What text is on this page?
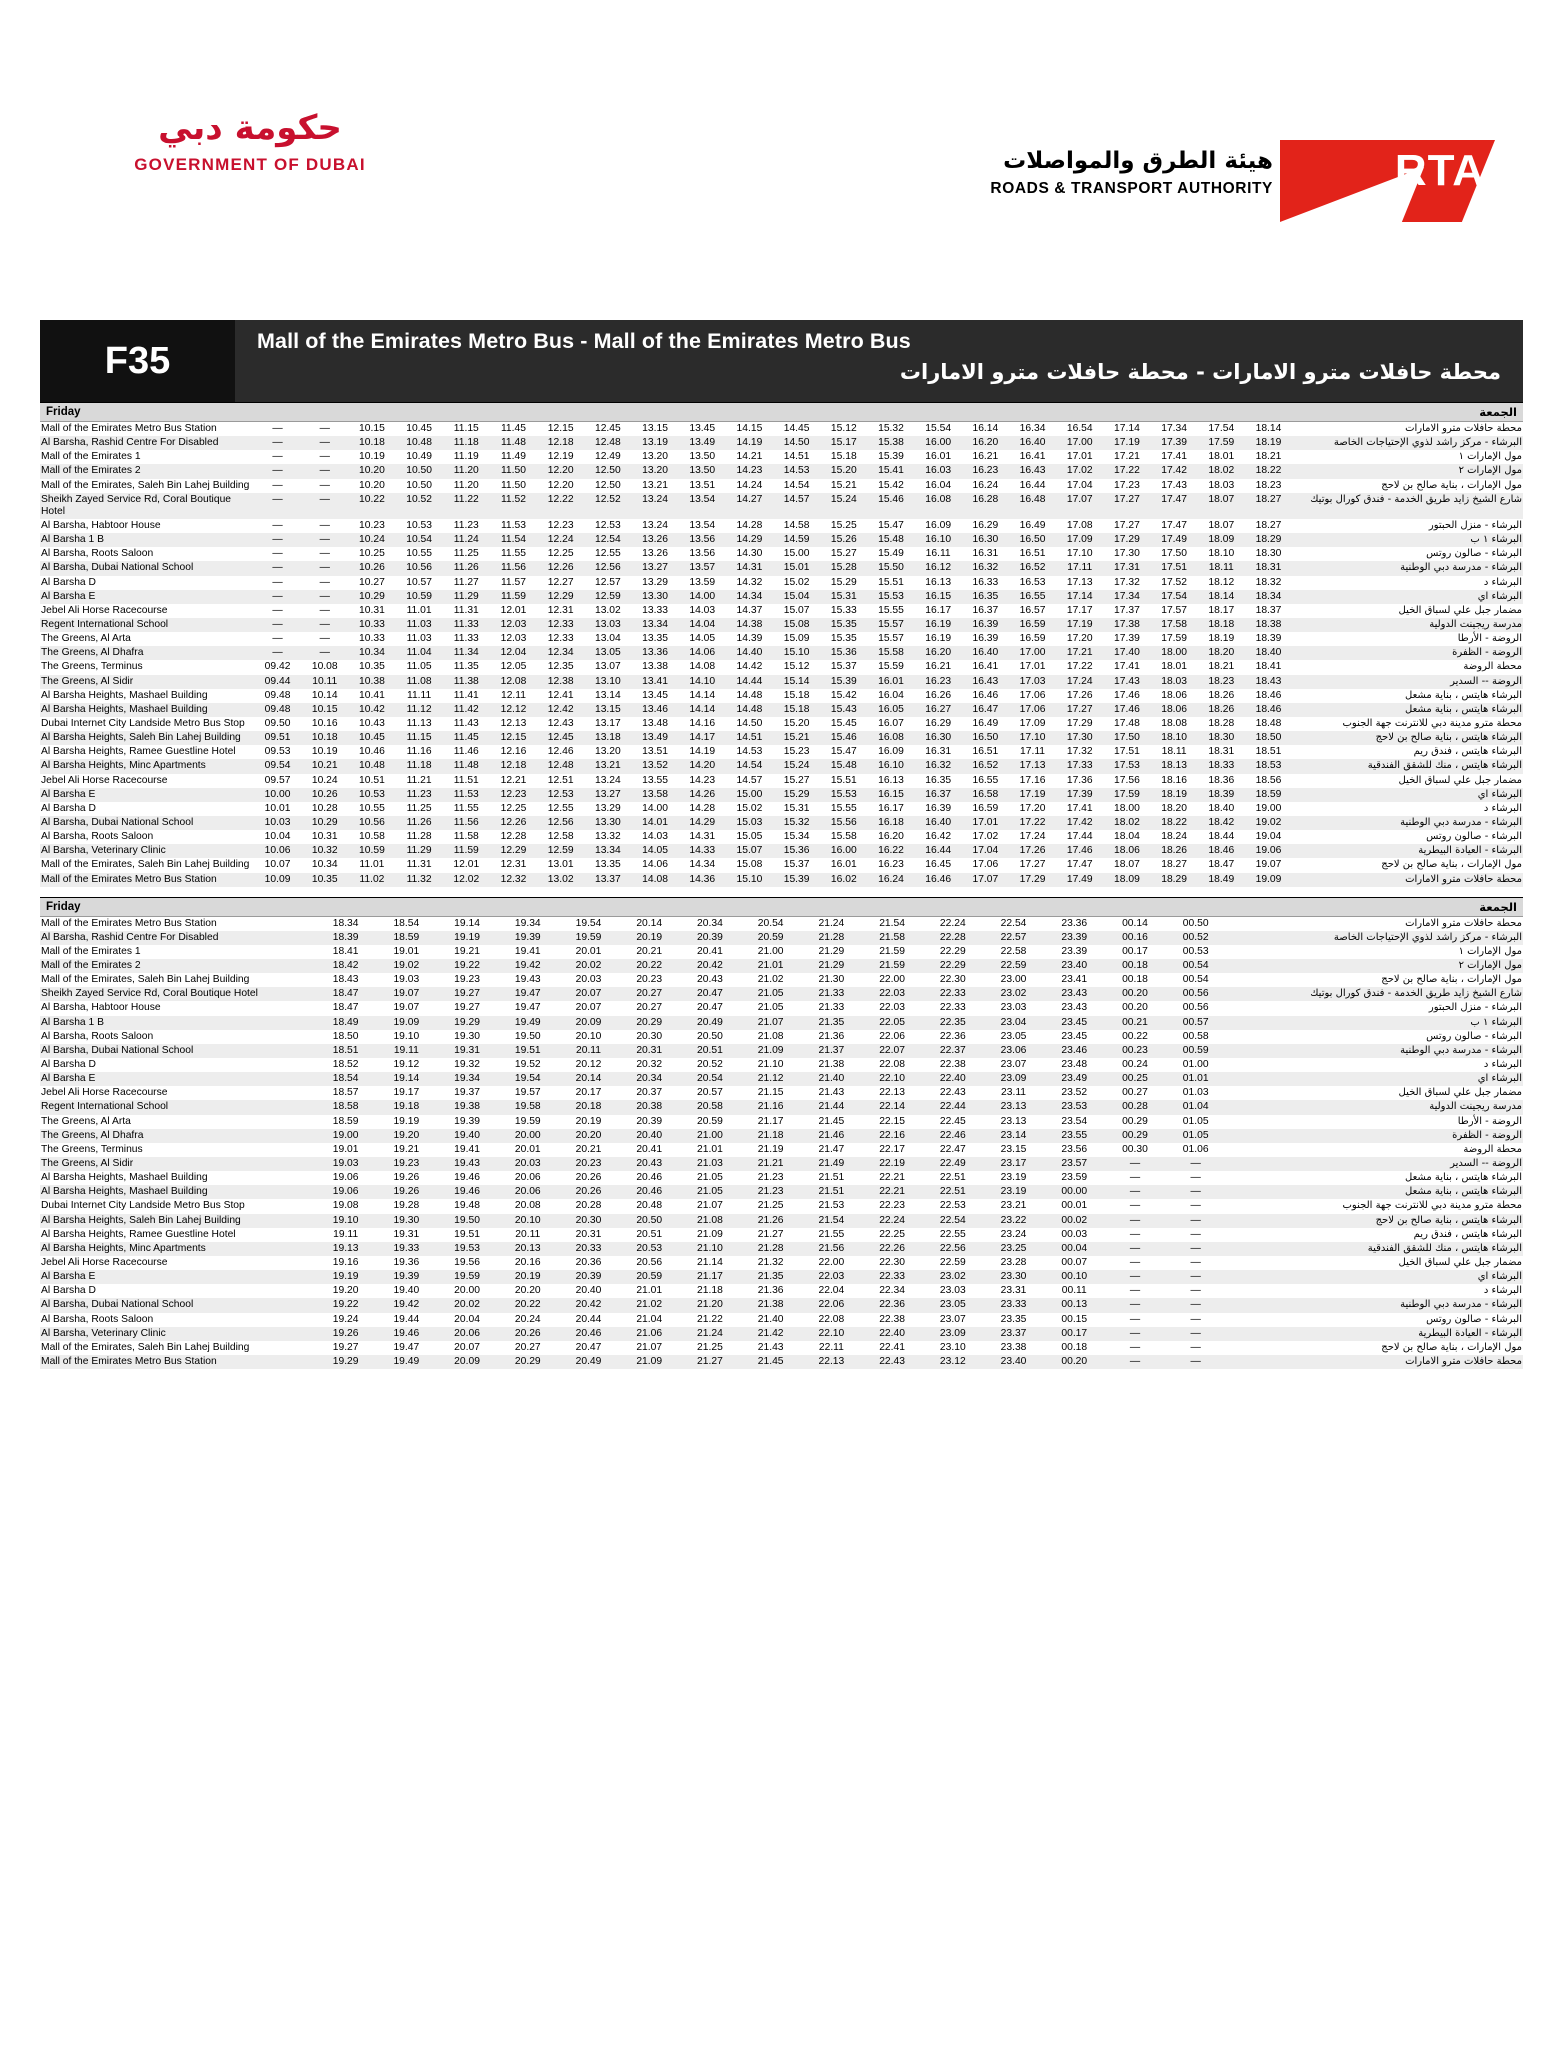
حكومة دبي
GOVERNMENT OF DUBAI	هيئة الطرق والمواصلات
ROADS & TRANSPORT AUTHORITY	RTA
F35	Mall of the Emirates Metro Bus - Mall of the Emirates Metro Bus
محطة حافلات مترو الامارات - محطة حافلات مترو الامارات
Friday	الجمعة
Mall of the Emirates Metro Bus Station	—	—	10.15	10.45	11.15	11.45	12.15	12.45	13.15	13.45	14.15	14.45	15.12	15.32	15.54	16.14	16.34	16.54	17.14	17.34	17.54	18.14	محطة حافلات مترو الامارات
Al Barsha, Rashid Centre For Disabled	—	—	10.18	10.48	11.18	11.48	12.18	12.48	13.19	13.49	14.19	14.50	15.17	15.38	16.00	16.20	16.40	17.00	17.19	17.39	17.59	18.19	البرشاء - مركز راشد لذوي الإحتياجات الخاصة
Mall of the Emirates 1	—	—	10.19	10.49	11.19	11.49	12.19	12.49	13.20	13.50	14.21	14.51	15.18	15.39	16.01	16.21	16.41	17.01	17.21	17.41	18.01	18.21	مول الإمارات ١
Mall of the Emirates 2	—	—	10.20	10.50	11.20	11.50	12.20	12.50	13.20	13.50	14.23	14.53	15.20	15.41	16.03	16.23	16.43	17.02	17.22	17.42	18.02	18.22	مول الإمارات ٢
Mall of the Emirates, Saleh Bin Lahej Building	—	—	10.20	10.50	11.20	11.50	12.20	12.50	13.21	13.51	14.24	14.54	15.21	15.42	16.04	16.24	16.44	17.04	17.23	17.43	18.03	18.23	مول الإمارات ، بناية صالح بن لاحج
Sheikh Zayed Service Rd, Coral Boutique Hotel	—	—	10.22	10.52	11.22	11.52	12.22	12.52	13.24	13.54	14.27	14.57	15.24	15.46	16.08	16.28	16.48	17.07	17.27	17.47	18.07	18.27	شارع الشيخ زايد طريق الخدمة - فندق كورال بوتيك
Al Barsha, Habtoor House	—	—	10.23	10.53	11.23	11.53	12.23	12.53	13.24	13.54	14.28	14.58	15.25	15.47	16.09	16.29	16.49	17.08	17.27	17.47	18.07	18.27	البرشاء - منزل الحبتور
Al Barsha 1 B	—	—	10.24	10.54	11.24	11.54	12.24	12.54	13.26	13.56	14.29	14.59	15.26	15.48	16.10	16.30	16.50	17.09	17.29	17.49	18.09	18.29	البرشاء ١ ب
Al Barsha, Roots Saloon	—	—	10.25	10.55	11.25	11.55	12.25	12.55	13.26	13.56	14.30	15.00	15.27	15.49	16.11	16.31	16.51	17.10	17.30	17.50	18.10	18.30	البرشاء - صالون روتس
Al Barsha, Dubai National School	—	—	10.26	10.56	11.26	11.56	12.26	12.56	13.27	13.57	14.31	15.01	15.28	15.50	16.12	16.32	16.52	17.11	17.31	17.51	18.11	18.31	البرشاء - مدرسة دبي الوطنية
Al Barsha D	—	—	10.27	10.57	11.27	11.57	12.27	12.57	13.29	13.59	14.32	15.02	15.29	15.51	16.13	16.33	16.53	17.13	17.32	17.52	18.12	18.32	البرشاء د
Al Barsha E	—	—	10.29	10.59	11.29	11.59	12.29	12.59	13.30	14.00	14.34	15.04	15.31	15.53	16.15	16.35	16.55	17.14	17.34	17.54	18.14	18.34	البرشاء اي
Jebel Ali Horse Racecourse	—	—	10.31	11.01	11.31	12.01	12.31	13.02	13.33	14.03	14.37	15.07	15.33	15.55	16.17	16.37	16.57	17.17	17.37	17.57	18.17	18.37	مضمار جبل علي لسباق الخيل
Regent International School	—	—	10.33	11.03	11.33	12.03	12.33	13.03	13.34	14.04	14.38	15.08	15.35	15.57	16.19	16.39	16.59	17.19	17.38	17.58	18.18	18.38	مدرسة ريجينت الدولية
The Greens, Al Arta	—	—	10.33	11.03	11.33	12.03	12.33	13.04	13.35	14.05	14.39	15.09	15.35	15.57	16.19	16.39	16.59	17.20	17.39	17.59	18.19	18.39	الروضة - الأرطا
The Greens, Al Dhafra	—	—	10.34	11.04	11.34	12.04	12.34	13.05	13.36	14.06	14.40	15.10	15.36	15.58	16.20	16.40	17.00	17.21	17.40	18.00	18.20	18.40	الروضة - الظفرة
The Greens, Terminus	09.42	10.08	10.35	11.05	11.35	12.05	12.35	13.07	13.38	14.08	14.42	15.12	15.37	15.59	16.21	16.41	17.01	17.22	17.41	18.01	18.21	18.41	محطة الروضة
The Greens, Al Sidir	09.44	10.11	10.38	11.08	11.38	12.08	12.38	13.10	13.41	14.10	14.44	15.14	15.39	16.01	16.23	16.43	17.03	17.24	17.43	18.03	18.23	18.43	الروضة -- السدير
Al Barsha Heights, Mashael Building	09.48	10.14	10.41	11.11	11.41	12.11	12.41	13.14	13.45	14.14	14.48	15.18	15.42	16.04	16.26	16.46	17.06	17.26	17.46	18.06	18.26	18.46	البرشاء هايتس ، بناية مشعل
Al Barsha Heights, Mashael Building	09.48	10.15	10.42	11.12	11.42	12.12	12.42	13.15	13.46	14.14	14.48	15.18	15.43	16.05	16.27	16.47	17.06	17.27	17.46	18.06	18.26	18.46	البرشاء هايتس ، بناية مشعل
Dubai Internet City Landside Metro Bus Stop	09.50	10.16	10.43	11.13	11.43	12.13	12.43	13.17	13.48	14.16	14.50	15.20	15.45	16.07	16.29	16.49	17.09	17.29	17.48	18.08	18.28	18.48	محطة مترو مدينة دبي للانترنت جهة الجنوب
Al Barsha Heights, Saleh Bin Lahej Building	09.51	10.18	10.45	11.15	11.45	12.15	12.45	13.18	13.49	14.17	14.51	15.21	15.46	16.08	16.30	16.50	17.10	17.30	17.50	18.10	18.30	18.50	البرشاء هايتس ، بناية صالح بن لاحج
Al Barsha Heights, Ramee Guestline Hotel	09.53	10.19	10.46	11.16	11.46	12.16	12.46	13.20	13.51	14.19	14.53	15.23	15.47	16.09	16.31	16.51	17.11	17.32	17.51	18.11	18.31	18.51	البرشاء هايتس ، فندق ريم
Al Barsha Heights, Minc Apartments	09.54	10.21	10.48	11.18	11.48	12.18	12.48	13.21	13.52	14.20	14.54	15.24	15.48	16.10	16.32	16.52	17.13	17.33	17.53	18.13	18.33	18.53	البرشاء هايتس ، منك للشقق الفندقية
Jebel Ali Horse Racecourse	09.57	10.24	10.51	11.21	11.51	12.21	12.51	13.24	13.55	14.23	14.57	15.27	15.51	16.13	16.35	16.55	17.16	17.36	17.56	18.16	18.36	18.56	مضمار جبل علي لسباق الخيل
Al Barsha E	10.00	10.26	10.53	11.23	11.53	12.23	12.53	13.27	13.58	14.26	15.00	15.29	15.53	16.15	16.37	16.58	17.19	17.39	17.59	18.19	18.39	18.59	البرشاء اي
Al Barsha D	10.01	10.28	10.55	11.25	11.55	12.25	12.55	13.29	14.00	14.28	15.02	15.31	15.55	16.17	16.39	16.59	17.20	17.41	18.00	18.20	18.40	19.00	البرشاء د
Al Barsha, Dubai National School	10.03	10.29	10.56	11.26	11.56	12.26	12.56	13.30	14.01	14.29	15.03	15.32	15.56	16.18	16.40	17.01	17.22	17.42	18.02	18.22	18.42	19.02	البرشاء - مدرسة دبي الوطنية
Al Barsha, Roots Saloon	10.04	10.31	10.58	11.28	11.58	12.28	12.58	13.32	14.03	14.31	15.05	15.34	15.58	16.20	16.42	17.02	17.24	17.44	18.04	18.24	18.44	19.04	البرشاء - صالون روتس
Al Barsha, Veterinary Clinic	10.06	10.32	10.59	11.29	11.59	12.29	12.59	13.34	14.05	14.33	15.07	15.36	16.00	16.22	16.44	17.04	17.26	17.46	18.06	18.26	18.46	19.06	البرشاء - العيادة البيطرية
Mall of the Emirates, Saleh Bin Lahej Building	10.07	10.34	11.01	11.31	12.01	12.31	13.01	13.35	14.06	14.34	15.08	15.37	16.01	16.23	16.45	17.06	17.27	17.47	18.07	18.27	18.47	19.07	مول الإمارات ، بناية صالح بن لاحج
Mall of the Emirates Metro Bus Station	10.09	10.35	11.02	11.32	12.02	12.32	13.02	13.37	14.08	14.36	15.10	15.39	16.02	16.24	16.46	17.07	17.29	17.49	18.09	18.29	18.49	19.09	محطة حافلات مترو الامارات
Friday	الجمعة
Mall of the Emirates Metro Bus Station	18.34	18.54	19.14	19.34	19.54	20.14	20.34	20.54	21.24	21.54	22.24	22.54	23.36	00.14	00.50	محطة حافلات مترو الامارات
Al Barsha, Rashid Centre For Disabled	18.39	18.59	19.19	19.39	19.59	20.19	20.39	20.59	21.28	21.58	22.28	22.57	23.39	00.16	00.52	البرشاء - مركز راشد لذوي الإحتياجات الخاصة
Mall of the Emirates 1	18.41	19.01	19.21	19.41	20.01	20.21	20.41	21.00	21.29	21.59	22.29	22.58	23.39	00.17	00.53	مول الإمارات ١
Mall of the Emirates 2	18.42	19.02	19.22	19.42	20.02	20.22	20.42	21.01	21.29	21.59	22.29	22.59	23.40	00.18	00.54	مول الإمارات ٢
Mall of the Emirates, Saleh Bin Lahej Building	18.43	19.03	19.23	19.43	20.03	20.23	20.43	21.02	21.30	22.00	22.30	23.00	23.41	00.18	00.54	مول الإمارات ، بناية صالح بن لاحج
Sheikh Zayed Service Rd, Coral Boutique Hotel	18.47	19.07	19.27	19.47	20.07	20.27	20.47	21.05	21.33	22.03	22.33	23.02	23.43	00.20	00.56	شارع الشيخ زايد طريق الخدمة - فندق كورال بوتيك
Al Barsha, Habtoor House	18.47	19.07	19.27	19.47	20.07	20.27	20.47	21.05	21.33	22.03	22.33	23.03	23.43	00.20	00.56	البرشاء - منزل الحبتور
Al Barsha 1 B	18.49	19.09	19.29	19.49	20.09	20.29	20.49	21.07	21.35	22.05	22.35	23.04	23.45	00.21	00.57	البرشاء ١ ب
Al Barsha, Roots Saloon	18.50	19.10	19.30	19.50	20.10	20.30	20.50	21.08	21.36	22.06	22.36	23.05	23.45	00.22	00.58	البرشاء - صالون روتس
Al Barsha, Dubai National School	18.51	19.11	19.31	19.51	20.11	20.31	20.51	21.09	21.37	22.07	22.37	23.06	23.46	00.23	00.59	البرشاء - مدرسة دبي الوطنية
Al Barsha D	18.52	19.12	19.32	19.52	20.12	20.32	20.52	21.10	21.38	22.08	22.38	23.07	23.48	00.24	01.00	البرشاء د
Al Barsha E	18.54	19.14	19.34	19.54	20.14	20.34	20.54	21.12	21.40	22.10	22.40	23.09	23.49	00.25	01.01	البرشاء اي
Jebel Ali Horse Racecourse	18.57	19.17	19.37	19.57	20.17	20.37	20.57	21.15	21.43	22.13	22.43	23.11	23.52	00.27	01.03	مضمار جبل علي لسباق الخيل
Regent International School	18.58	19.18	19.38	19.58	20.18	20.38	20.58	21.16	21.44	22.14	22.44	23.13	23.53	00.28	01.04	مدرسة ريجينت الدولية
The Greens, Al Arta	18.59	19.19	19.39	19.59	20.19	20.39	20.59	21.17	21.45	22.15	22.45	23.13	23.54	00.29	01.05	الروضة - الأرطا
The Greens, Al Dhafra	19.00	19.20	19.40	20.00	20.20	20.40	21.00	21.18	21.46	22.16	22.46	23.14	23.55	00.29	01.05	الروضة - الظفرة
The Greens, Terminus	19.01	19.21	19.41	20.01	20.21	20.41	21.01	21.19	21.47	22.17	22.47	23.15	23.56	00.30	01.06	محطة الروضة
The Greens, Al Sidir	19.03	19.23	19.43	20.03	20.23	20.43	21.03	21.21	21.49	22.19	22.49	23.17	23.57	—	—	الروضة -- السدير
Al Barsha Heights, Mashael Building	19.06	19.26	19.46	20.06	20.26	20.46	21.05	21.23	21.51	22.21	22.51	23.19	23.59	—	—	البرشاء هايتس ، بناية مشعل
Al Barsha Heights, Mashael Building	19.06	19.26	19.46	20.06	20.26	20.46	21.05	21.23	21.51	22.21	22.51	23.19	00.00	—	—	البرشاء هايتس ، بناية مشعل
Dubai Internet City Landside Metro Bus Stop	19.08	19.28	19.48	20.08	20.28	20.48	21.07	21.25	21.53	22.23	22.53	23.21	00.01	—	—	محطة مترو مدينة دبي للانترنت جهة الجنوب
Al Barsha Heights, Saleh Bin Lahej Building	19.10	19.30	19.50	20.10	20.30	20.50	21.08	21.26	21.54	22.24	22.54	23.22	00.02	—	—	البرشاء هايتس ، بناية صالح بن لاحج
Al Barsha Heights, Ramee Guestline Hotel	19.11	19.31	19.51	20.11	20.31	20.51	21.09	21.27	21.55	22.25	22.55	23.24	00.03	—	—	البرشاء هايتس ، فندق ريم
Al Barsha Heights, Minc Apartments	19.13	19.33	19.53	20.13	20.33	20.53	21.10	21.28	21.56	22.26	22.56	23.25	00.04	—	—	البرشاء هايتس ، منك للشقق الفندقية
Jebel Ali Horse Racecourse	19.16	19.36	19.56	20.16	20.36	20.56	21.14	21.32	22.00	22.30	22.59	23.28	00.07	—	—	مضمار جبل علي لسباق الخيل
Al Barsha E	19.19	19.39	19.59	20.19	20.39	20.59	21.17	21.35	22.03	22.33	23.02	23.30	00.10	—	—	البرشاء اي
Al Barsha D	19.20	19.40	20.00	20.20	20.40	21.01	21.18	21.36	22.04	22.34	23.03	23.31	00.11	—	—	البرشاء د
Al Barsha, Dubai National School	19.22	19.42	20.02	20.22	20.42	21.02	21.20	21.38	22.06	22.36	23.05	23.33	00.13	—	—	البرشاء - مدرسة دبي الوطنية
Al Barsha, Roots Saloon	19.24	19.44	20.04	20.24	20.44	21.04	21.22	21.40	22.08	22.38	23.07	23.35	00.15	—	—	البرشاء - صالون روتس
Al Barsha, Veterinary Clinic	19.26	19.46	20.06	20.26	20.46	21.06	21.24	21.42	22.10	22.40	23.09	23.37	00.17	—	—	البرشاء - العيادة البيطرية
Mall of the Emirates, Saleh Bin Lahej Building	19.27	19.47	20.07	20.27	20.47	21.07	21.25	21.43	22.11	22.41	23.10	23.38	00.18	—	—	مول الإمارات ، بناية صالح بن لاحج
Mall of the Emirates Metro Bus Station	19.29	19.49	20.09	20.29	20.49	21.09	21.27	21.45	22.13	22.43	23.12	23.40	00.20	—	—	محطة حافلات مترو الامارات
